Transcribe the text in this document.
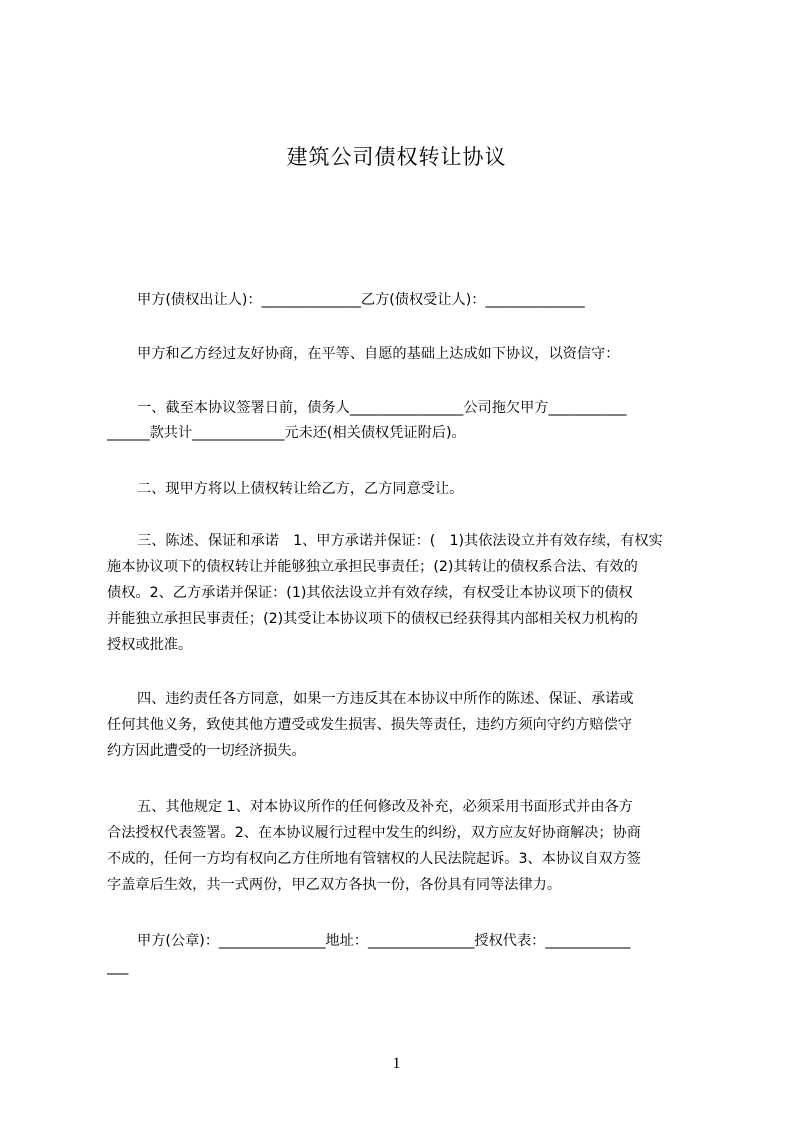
建筑公司债权转让协议
甲方(债权出让人)：______________乙方(债权受让人)：______________
甲方和乙方经过友好协商，在平等、自愿的基础上达成如下协议，以资信守：
一、截至本协议签署日前，债务人________________公司拖欠甲方___________
______款共计_____________元未还(相关债权凭证附后)。
二、现甲方将以上债权转让给乙方，乙方同意受让。
三、陈述、保证和承诺　1、甲方承诺并保证：(　1)其依法设立并有效存续，有权实
施本协议项下的债权转让并能够独立承担民事责任；(2)其转让的债权系合法、有效的
债权。2、乙方承诺并保证：(1)其依法设立并有效存续，有权受让本协议项下的债权
并能独立承担民事责任；(2)其受让本协议项下的债权已经获得其内部相关权力机构的
授权或批准。
四、违约责任各方同意，如果一方违反其在本协议中所作的陈述、保证、承诺或
任何其他义务，致使其他方遭受或发生损害、损失等责任，违约方须向守约方赔偿守
约方因此遭受的一切经济损失。
五、其他规定 1、对本协议所作的任何修改及补充，必须采用书面形式并由各方
合法授权代表签署。2、在本协议履行过程中发生的纠纷，双方应友好协商解决；协商
不成的，任何一方均有权向乙方住所地有管辖权的人民法院起诉。3、本协议自双方签
字盖章后生效，共一式两份，甲乙双方各执一份，各份具有同等法律力。
甲方(公章)：_______________地址：_______________授权代表：____________
___
1
